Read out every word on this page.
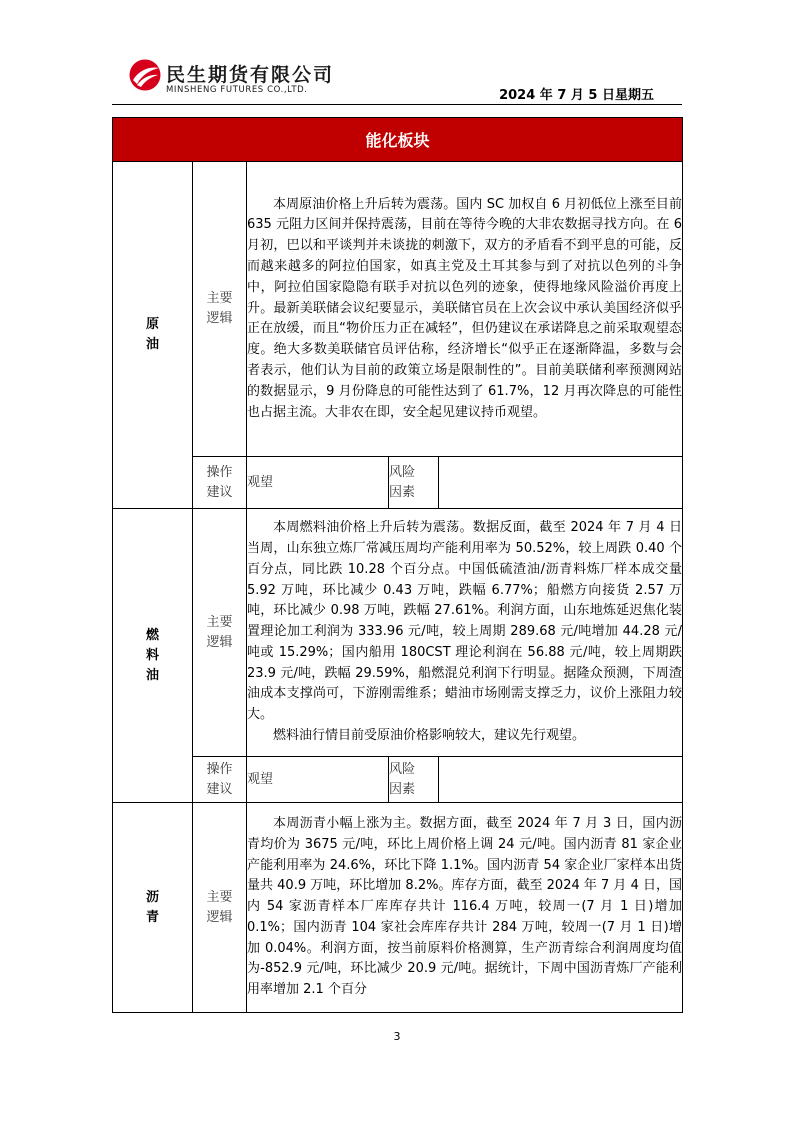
民生期货有限公司
MINSHENG FUTURES CO.,LTD.	2024 年 7 月 5 日星期五
能化板块				
原油	主要逻辑	本周原油价格上升后转为震荡。国内 SC 加权自 6 月初低位上涨至目前 635 元阻力区间并保持震荡，目前在等待今晚的大非农数据寻找方向。在 6 月初，巴以和平谈判并未谈拢的刺激下，双方的矛盾看不到平息的可能，反而越来越多的阿拉伯国家，如真主党及土耳其参与到了对抗以色列的斗争中，阿拉伯国家隐隐有联手对抗以色列的迹象，使得地缘风险溢价再度上升。最新美联储会议纪要显示，美联储官员在上次会议中承认美国经济似乎正在放缓，而且“物价压力正在减轻”，但仍建议在承诺降息之前采取观望态度。绝大多数美联储官员评估称，经济增长“似乎正在逐渐降温，多数与会者表示，他们认为目前的政策立场是限制性的”。目前美联储利率预测网站的数据显示，9 月份降息的可能性达到了 61.7%，12 月再次降息的可能性也占据主流。大非农在即，安全起见建议持币观望。		

	操作建议	观望	风险因素	
燃料油	主要逻辑	本周燃料油价格上升后转为震荡。数据反面，截至 2024 年 7 月 4 日当周，山东独立炼厂常减压周均产能利用率为 50.52%，较上周跌 0.40 个百分点，同比跌 10.28 个百分点。中国低硫渣油/沥青料炼厂样本成交量 5.92 万吨，环比减少 0.43 万吨，跌幅 6.77%；船燃方向接货 2.57 万吨，环比减少 0.98 万吨，跌幅 27.61%。利润方面，山东地炼延迟焦化装置理论加工利润为 333.96 元/吨，较上周期 289.68 元/吨增加 44.28 元/吨或 15.29%；国内船用 180CST 理论利润在 56.88 元/吨，较上周期跌 23.9 元/吨，跌幅 29.59%，船燃混兑利润下行明显。据隆众预测，下周渣油成本支撑尚可，下游刚需维系；蜡油市场刚需支撑乏力，议价上涨阻力较大。

燃料油行情目前受原油价格影响较大，建议先行观望。		

	操作建议	观望	风险因素	
沥青	主要逻辑	本周沥青小幅上涨为主。数据方面，截至 2024 年 7 月 3 日，国内沥青均价为 3675 元/吨，环比上周价格上调 24 元/吨。国内沥青 81 家企业产能利用率为 24.6%，环比下降 1.1%。国内沥青 54 家企业厂家样本出货量共 40.9 万吨，环比增加 8.2%。库存方面，截至 2024 年 7 月 4 日，国内 54 家沥青样本厂库库存共计 116.4 万吨，较周一(7 月 1 日)增加 0.1%；国内沥青 104 家社会库库存共计 284 万吨，较周一(7 月 1 日)增加 0.04%。利润方面，按当前原料价格测算，生产沥青综合利润周度均值为-852.9 元/吨，环比减少 20.9 元/吨。据统计，下周中国沥青炼厂产能利用率增加 2.1 个百分		

3
